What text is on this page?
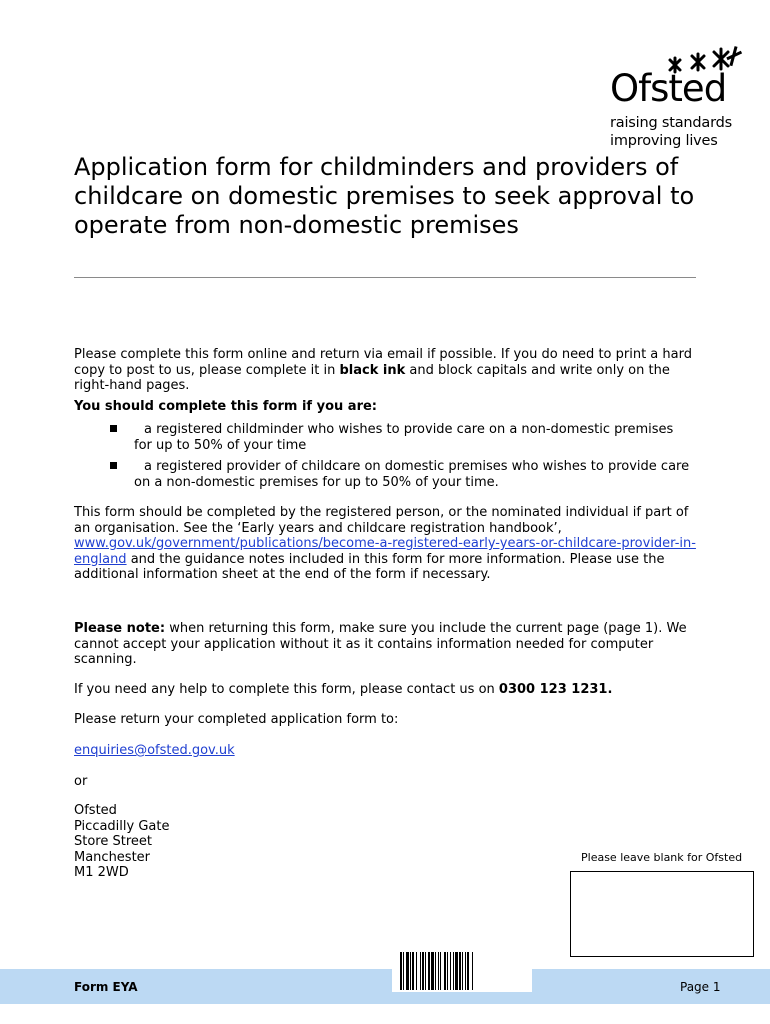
Ofsted
raising standards
improving lives
Application form for childminders and providers of childcare on domestic premises to seek approval to operate from non-domestic premises

Please complete this form online and return via email if possible. If you do need to print a hard copy to post to us, please complete it in black ink and block capitals and write only on the right-hand pages.

You should complete this form if you are:

a registered childminder who wishes to provide care on a non-domestic premises for up to 50% of your time

a registered provider of childcare on domestic premises who wishes to provide care on a non-domestic premises for up to 50% of your time.

This form should be completed by the registered person, or the nominated individual if part of an organisation. See the ‘Early years and childcare registration handbook’, www.gov.uk/government/publications/become-a-registered-early-years-or-childcare-provider-in-england and the guidance notes included in this form for more information. Please use the additional information sheet at the end of the form if necessary.

Please note: when returning this form, make sure you include the current page (page 1). We cannot accept your application without it as it contains information needed for computer scanning.

If you need any help to complete this form, please contact us on 0300 123 1231.

Please return your completed application form to:

enquiries@ofsted.gov.uk

or

Ofsted
Piccadilly Gate
Store Street
Manchester
M1 2WD
Please leave blank for Ofsted
Form EYA	Page 1
